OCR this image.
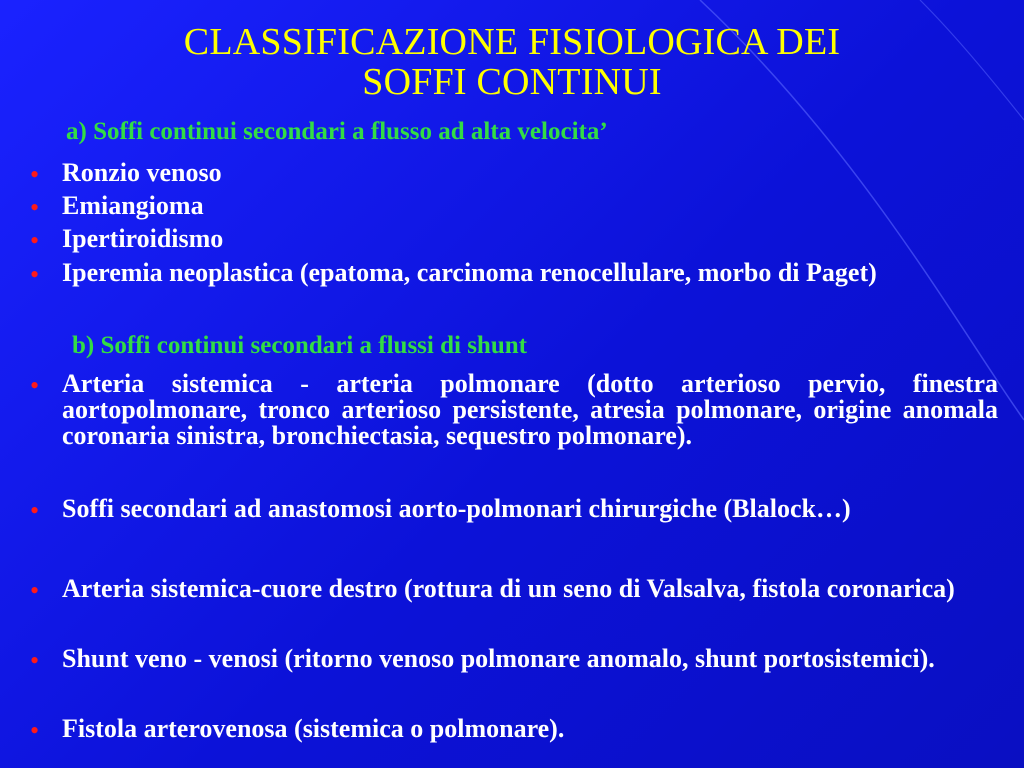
CLASSIFICAZIONE FISIOLOGICA DEI
SOFFI CONTINUI
a) Soffi continui secondari a flusso ad alta velocita’
• Ronzio venoso
• Emiangioma
• Ipertiroidismo
• Iperemia neoplastica (epatoma, carcinoma renocellulare, morbo di Paget)
b) Soffi continui secondari a flussi di shunt
• Arteria sistemica - arteria polmonare (dotto arterioso pervio, finestra aortopolmonare, tronco arterioso persistente, atresia polmonare, origine anomala coronaria sinistra, bronchiectasia, sequestro polmonare).
• Soffi secondari ad anastomosi aorto-polmonari chirurgiche (Blalock…)
• Arteria sistemica-cuore destro (rottura di un seno di Valsalva, fistola coronarica)
• Shunt veno - venosi (ritorno venoso polmonare anomalo, shunt portosistemici).
• Fistola arterovenosa (sistemica o polmonare).
